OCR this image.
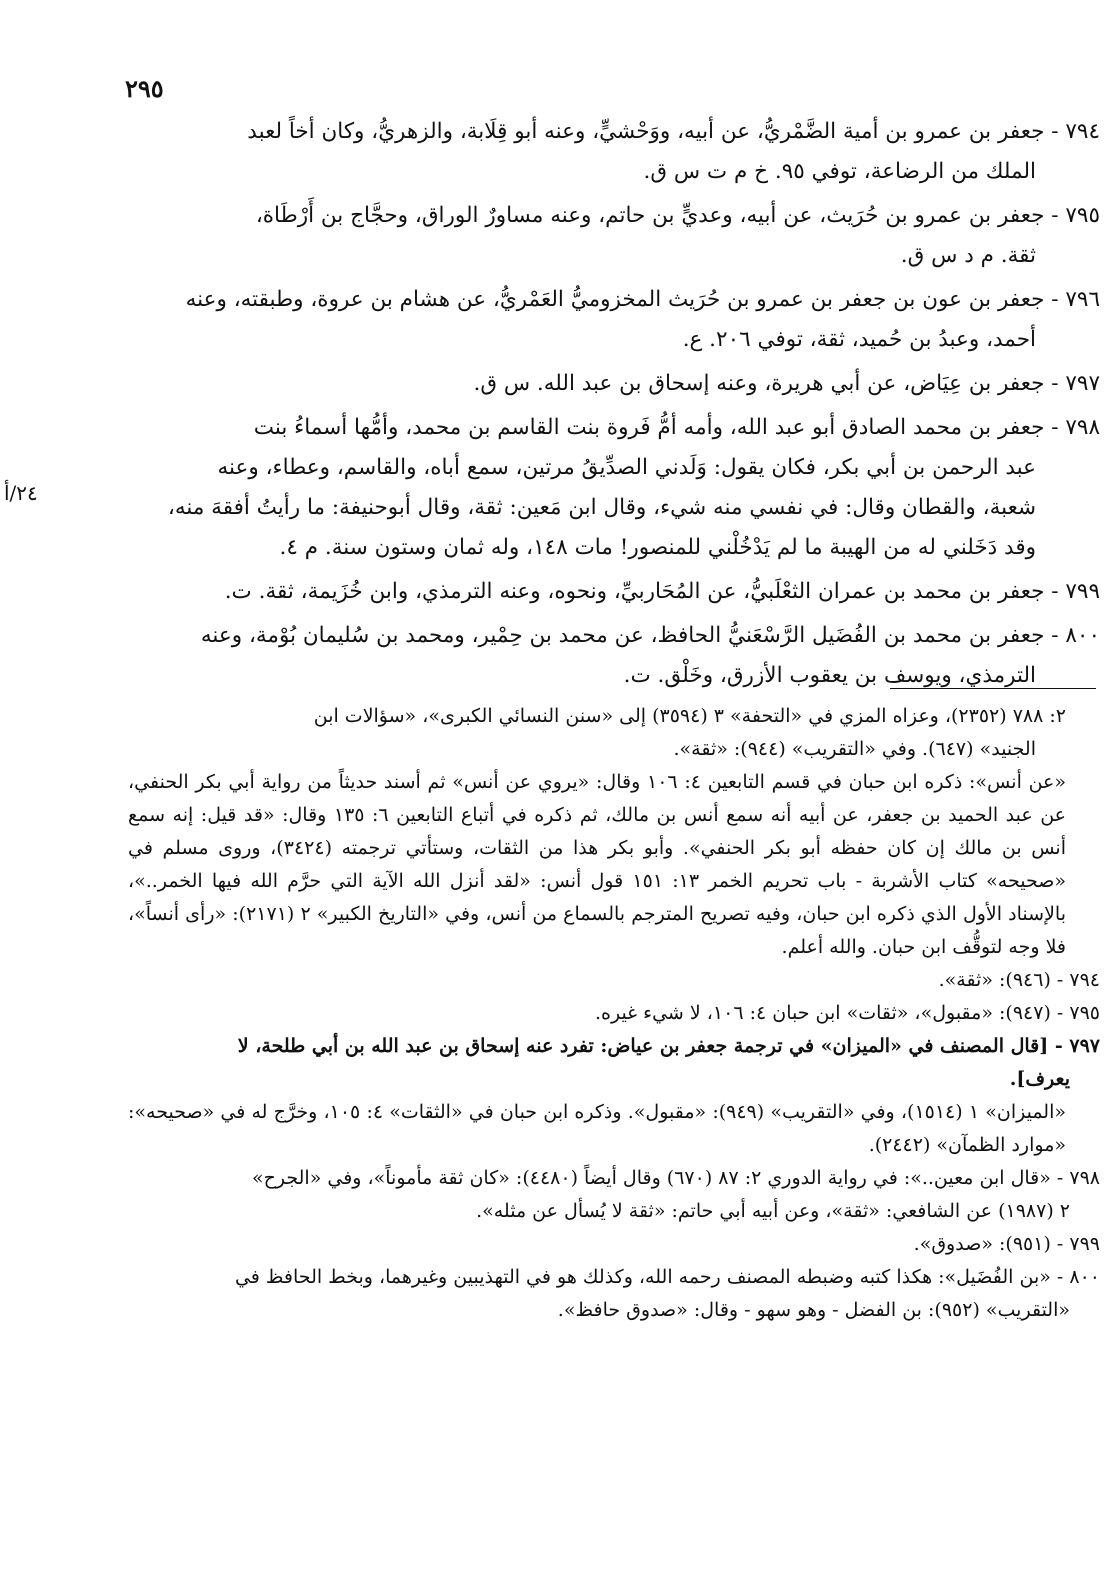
٢٩٥
٢٤/أ

٧٩٤ - جعفر بن عمرو بن أمية الضَّمْريُّ، عن أبيه، ووَحْشيٍّ، وعنه أبو قِلَابة، والزهريُّ، وكان أخاً لعبد
الملك من الرضاعة، توفي ٩٥. خ م ت س ق.

٧٩٥ - جعفر بن عمرو بن حُرَيث، عن أبيه، وعديٍّ بن حاتم، وعنه مساورٌ الوراق، وحجَّاج بن أَرْطَاة،
ثقة. م د س ق.

٧٩٦ - جعفر بن عون بن جعفر بن عمرو بن حُرَيث المخزوميُّ العَمْريُّ، عن هشام بن عروة، وطبقته، وعنه
أحمد، وعبدُ بن حُميد، ثقة، توفي ٢٠٦. ع.

٧٩٧ - جعفر بن عِيَاض، عن أبي هريرة، وعنه إسحاق بن عبد الله. س ق.

٧٩٨ - جعفر بن محمد الصادق أبو عبد الله، وأمه أمُّ فَروة بنت القاسم بن محمد، وأمُّها أسماءُ بنت
عبد الرحمن بن أبي بكر، فكان يقول: وَلَدني الصدِّيقُ مرتين، سمع أباه، والقاسم، وعطاء، وعنه
شعبة، والقطان وقال: في نفسي منه شيء، وقال ابن مَعين: ثقة، وقال أبوحنيفة: ما رأيتُ أفقهَ منه،
وقد دَخَلني له من الهيبة ما لم يَدْخُلْني للمنصور! مات ١٤٨، وله ثمان وستون سنة. م ٤.

٧٩٩ - جعفر بن محمد بن عمران الثعْلَبيُّ، عن المُحَاربيِّ، ونحوه، وعنه الترمذي، وابن خُزَيمة، ثقة. ت.

٨٠٠ - جعفر بن محمد بن الفُضَيل الرَّسْعَنيُّ الحافظ، عن محمد بن حِمْير، ومحمد بن سُليمان بُوْمة، وعنه
الترمذي، ويوسف بن يعقوب الأزرق، وخَلْق. ت.

٢: ٧٨٨ (٢٣٥٢)، وعزاه المزي في «التحفة» ٣ (٣٥٩٤) إلى «سنن النسائي الكبرى»، «سؤالات ابن
الجنيد» (٦٤٧). وفي «التقريب» (٩٤٤): «ثقة».

«عن أنس»: ذكره ابن حبان في قسم التابعين ٤: ١٠٦ وقال: «يروي عن أنس» ثم أسند حديثاً من رواية أبي بكر الحنفي، عن عبد الحميد بن جعفر، عن أبيه أنه سمع أنس بن مالك، ثم ذكره في أتباع التابعين ٦: ١٣٥ وقال: «قد قيل: إنه سمع أنس بن مالك إن كان حفظه أبو بكر الحنفي». وأبو بكر هذا من الثقات، وستأتي ترجمته (٣٤٢٤)، وروى مسلم في «صحيحه» كتاب الأشربة - باب تحريم الخمر ١٣: ١٥١ قول أنس: «لقد أنزل الله الآية التي حرَّم الله فيها الخمر..»، بالإسناد الأول الذي ذكره ابن حبان، وفيه تصريح المترجم بالسماع من أنس، وفي «التاريخ الكبير» ٢ (٢١٧١): «رأى أنساً»، فلا وجه لتوقُّف ابن حبان. والله أعلم.

٧٩٤ - (٩٤٦): «ثقة».

٧٩٥ - (٩٤٧): «مقبول»، «ثقات» ابن حبان ٤: ١٠٦، لا شيء غيره.

٧٩٧ - [قال المصنف في «الميزان» في ترجمة جعفر بن عياض: تفرد عنه إسحاق بن عبد الله بن أبي طلحة، لا
يعرف].

«الميزان» ١ (١٥١٤)، وفي «التقريب» (٩٤٩): «مقبول». وذكره ابن حبان في «الثقات» ٤: ١٠٥، وخرَّج له في «صحيحه»: «موارد الظمآن» (٢٤٤٢).

٧٩٨ - «قال ابن معين..»: في رواية الدوري ٢: ٨٧ (٦٧٠) وقال أيضاً (٤٤٨٠): «كان ثقة مأموناً»، وفي «الجرح»
٢ (١٩٨٧) عن الشافعي: «ثقة»، وعن أبيه أبي حاتم: «ثقة لا يُسأل عن مثله».

٧٩٩ - (٩٥١): «صدوق».

٨٠٠ - «بن الفُضَيل»: هكذا كتبه وضبطه المصنف رحمه الله، وكذلك هو في التهذيبين وغيرهما، وبخط الحافظ في
«التقريب» (٩٥٢): بن الفضل - وهو سهو - وقال: «صدوق حافظ».
